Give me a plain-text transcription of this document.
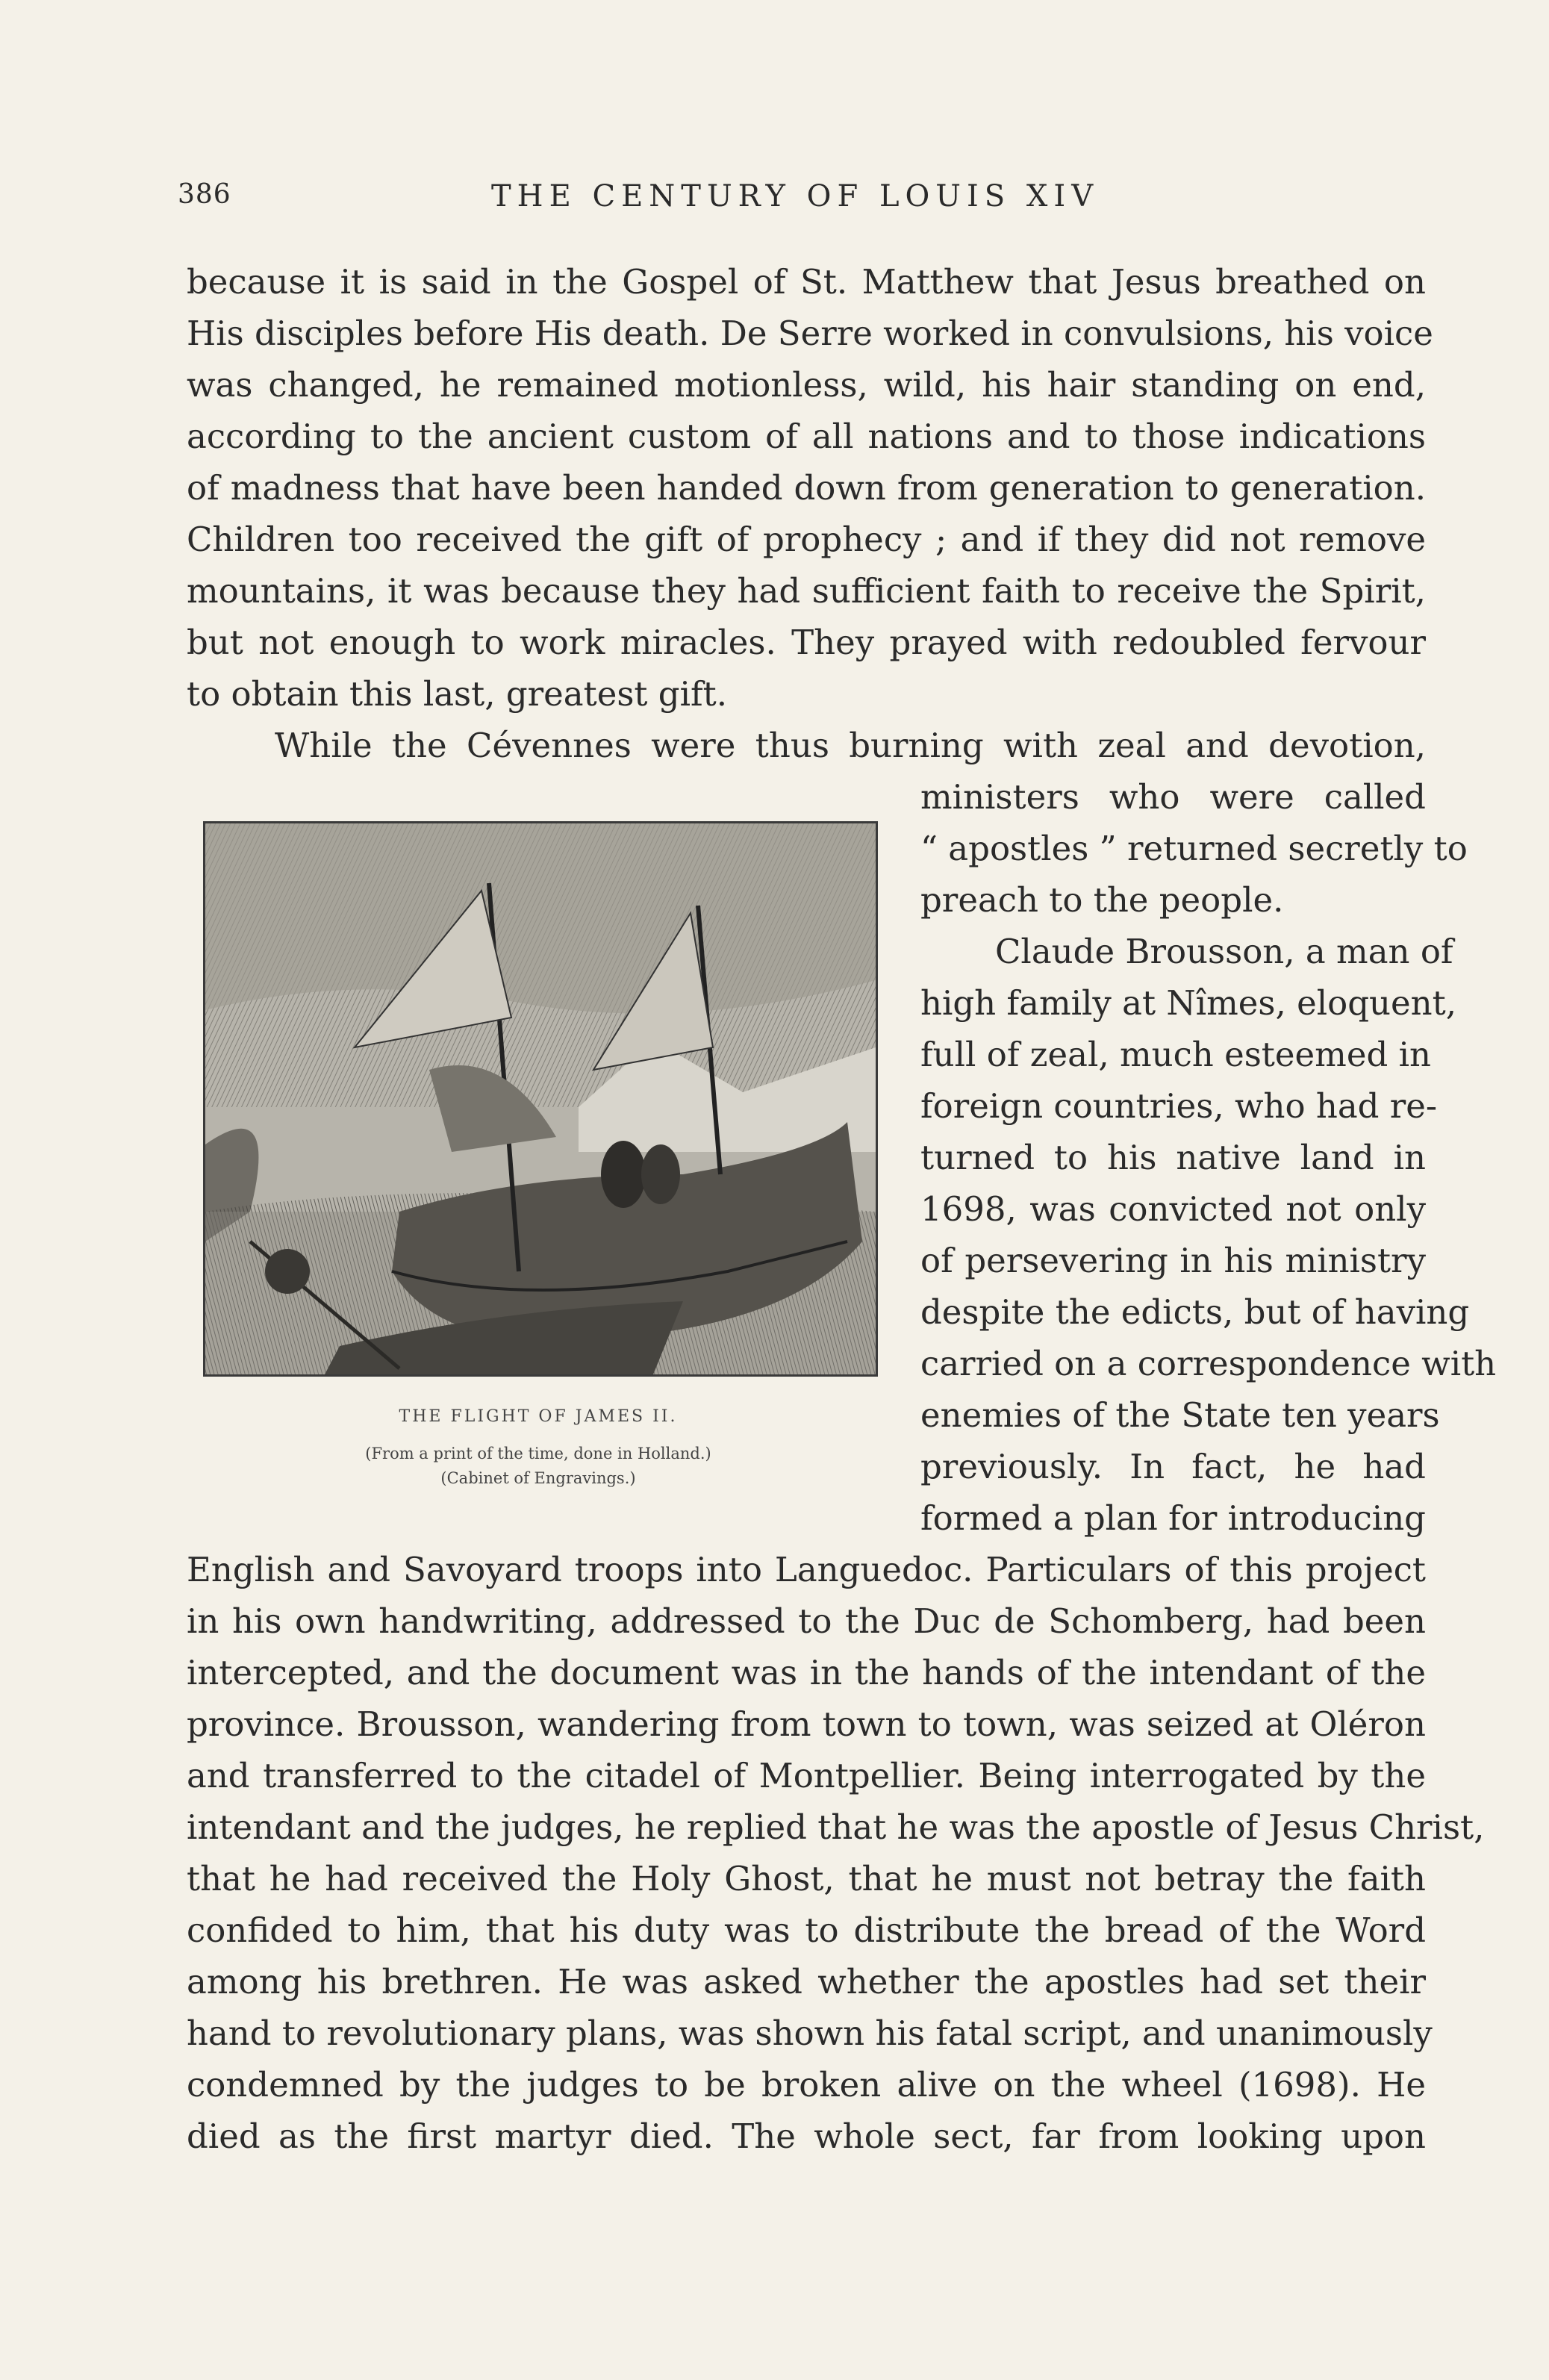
386	THE CENTURY OF LOUIS XIV
because it is said in the Gospel of St. Matthew that Jesus breathed on
His disciples before His death. De Serre worked in convulsions, his voice
was changed, he remained motionless, wild, his hair standing on end,
according to the ancient custom of all nations and to those indications
of madness that have been handed down from generation to generation.
Children too received the gift of prophecy ; and if they did not remove
mountains, it was because they had sufficient faith to receive the Spirit,
but not enough to work miracles. They prayed with redoubled fervour
to obtain this last, greatest gift.
While the Cévennes were thus burning with zeal and devotion,
THE FLIGHT OF JAMES II.
(From a print of the time, done in Holland.)
(Cabinet of Engravings.)
ministers who were called
“ apostles ” returned secretly to
preach to the people.
Claude Brousson, a man of
high family at Nîmes, eloquent,
full of zeal, much esteemed in
foreign countries, who had re-
turned to his native land in
1698, was convicted not only
of persevering in his ministry
despite the edicts, but of having
carried on a correspondence with
enemies of the State ten years
previously. In fact, he had
formed a plan for introducing
English and Savoyard troops into Languedoc. Particulars of this project
in his own handwriting, addressed to the Duc de Schomberg, had been
intercepted, and the document was in the hands of the intendant of the
province. Brousson, wandering from town to town, was seized at Oléron
and transferred to the citadel of Montpellier. Being interrogated by the
intendant and the judges, he replied that he was the apostle of Jesus Christ,
that he had received the Holy Ghost, that he must not betray the faith
confided to him, that his duty was to distribute the bread of the Word
among his brethren. He was asked whether the apostles had set their
hand to revolutionary plans, was shown his fatal script, and unanimously
condemned by the judges to be broken alive on the wheel (1698). He
died as the first martyr died. The whole sect, far from looking upon
